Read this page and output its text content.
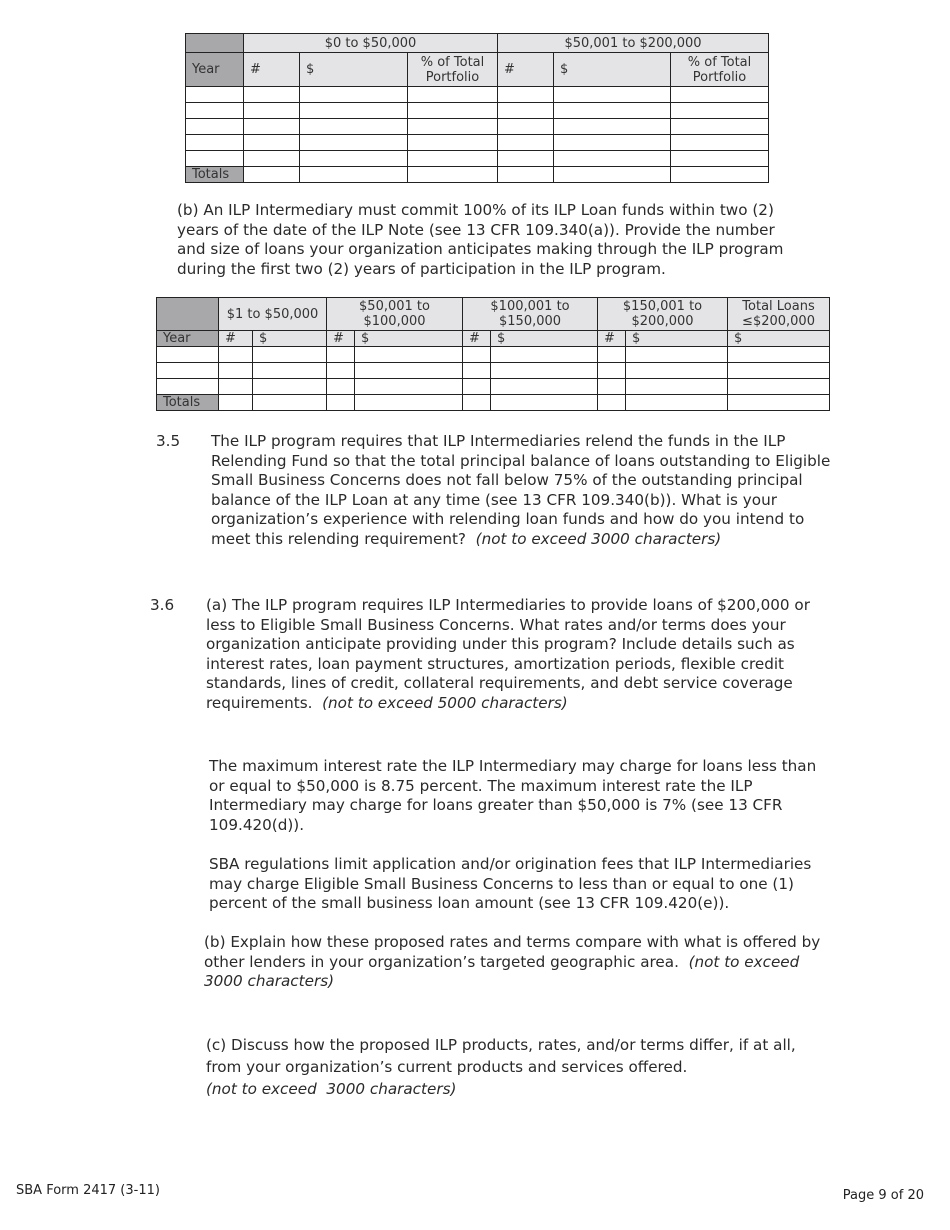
	$0 to $50,000			$50,001 to $200,000		
Year	#	$	% of Total Portfolio	#	$	% of Total Portfolio

Totals						

(b) An ILP Intermediary must commit 100% of its ILP Loan funds within two (2) years of the date of the ILP Note (see 13 CFR 109.340(a)). Provide the number and size of loans your organization anticipates making through the ILP program during the first two (2) years of participation in the ILP program.

	$1 to $50,000		$50,001 to $100,000		$100,001 to $150,000		$150,001 to $200,000		Total Loans ≤$200,000
Year	#	$	#	$	#	$	#	$	$

Totals									
3.5 The ILP program requires that ILP Intermediaries relend the funds in the ILP Relending Fund so that the total principal balance of loans outstanding to Eligible Small Business Concerns does not fall below 75% of the outstanding principal balance of the ILP Loan at any time (see 13 CFR 109.340(b)). What is your organization’s experience with relending loan funds and how do you intend to meet this relending requirement? (not to exceed 3000 characters)

3.6 (a) The ILP program requires ILP Intermediaries to provide loans of $200,000 or less to Eligible Small Business Concerns. What rates and/or terms does your organization anticipate providing under this program? Include details such as interest rates, loan payment structures, amortization periods, flexible credit standards, lines of credit, collateral requirements, and debt service coverage requirements. (not to exceed 5000 characters)

The maximum interest rate the ILP Intermediary may charge for loans less than or equal to $50,000 is 8.75 percent. The maximum interest rate the ILP Intermediary may charge for loans greater than $50,000 is 7% (see 13 CFR 109.420(d)).

SBA regulations limit application and/or origination fees that ILP Intermediaries may charge Eligible Small Business Concerns to less than or equal to one (1) percent of the small business loan amount (see 13 CFR 109.420(e)).

(b) Explain how these proposed rates and terms compare with what is offered by other lenders in your organization’s targeted geographic area. (not to exceed 3000 characters)

(c) Discuss how the proposed ILP products, rates, and/or terms differ, if at all,

from your organization’s current products and services offered.

(not to exceed  3000 characters)

SBA Form 2417 (3-11)	Page 9 of 20
